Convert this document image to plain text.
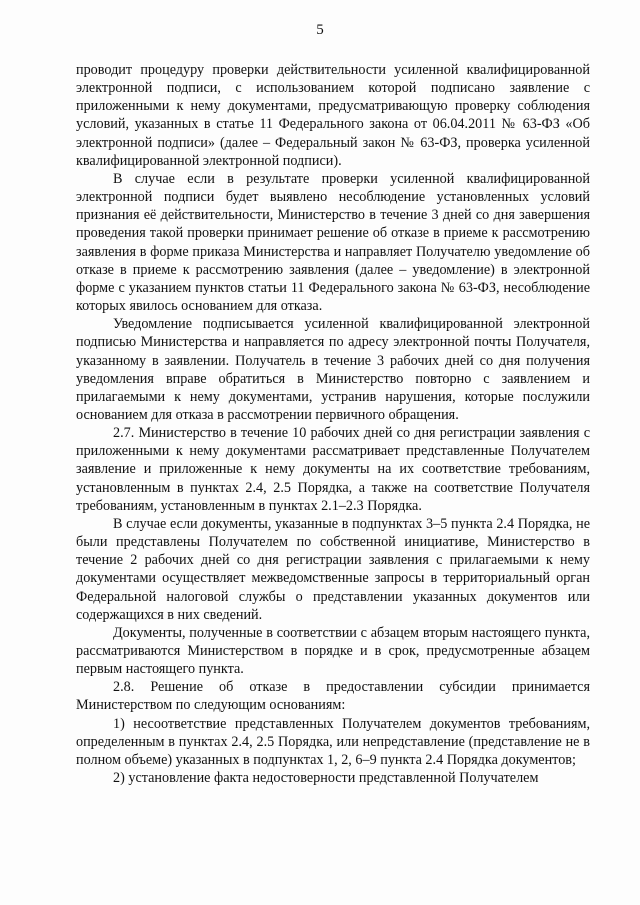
5

проводит процедуру проверки действительности усиленной квалифицированной электронной подписи, с использованием которой подписано заявление с приложенными к нему документами, предусматривающую проверку соблюдения условий, указанных в статье 11 Федерального закона от 06.04.2011 № 63-ФЗ «Об электронной подписи» (далее – Федеральный закон № 63-ФЗ, проверка усиленной квалифицированной электронной подписи).

В случае если в результате проверки усиленной квалифицированной электронной подписи будет выявлено несоблюдение установленных условий признания её действительности, Министерство в течение 3 дней со дня завершения проведения такой проверки принимает решение об отказе в приеме к рассмотрению заявления в форме приказа Министерства и направляет Получателю уведомление об отказе в приеме к рассмотрению заявления (далее – уведомление) в электронной форме с указанием пунктов статьи 11 Федерального закона № 63-ФЗ, несоблюдение которых явилось основанием для отказа.

Уведомление подписывается усиленной квалифицированной электронной подписью Министерства и направляется по адресу электронной почты Получателя, указанному в заявлении. Получатель в течение 3 рабочих дней со дня получения уведомления вправе обратиться в Министерство повторно с заявлением и прилагаемыми к нему документами, устранив нарушения, которые послужили основанием для отказа в рассмотрении первичного обращения.

2.7. Министерство в течение 10 рабочих дней со дня регистрации заявления с приложенными к нему документами рассматривает представленные Получателем заявление и приложенные к нему документы на их соответствие требованиям, установленным в пунктах 2.4, 2.5 Порядка, а также на соответствие Получателя требованиям, установленным в пунктах 2.1–2.3 Порядка.

В случае если документы, указанные в подпунктах 3–5 пункта 2.4 Порядка, не были представлены Получателем по собственной инициативе, Министерство в течение 2 рабочих дней со дня регистрации заявления с прилагаемыми к нему документами осуществляет межведомственные запросы в территориальный орган Федеральной налоговой службы о представлении указанных документов или содержащихся в них сведений.

Документы, полученные в соответствии с абзацем вторым настоящего пункта, рассматриваются Министерством в порядке и в срок, предусмотренные абзацем первым настоящего пункта.

2.8. Решение об отказе в предоставлении субсидии принимается Министерством по следующим основаниям:

1) несоответствие представленных Получателем документов требованиям, определенным в пунктах 2.4, 2.5 Порядка, или непредставление (представление не в полном объеме) указанных в подпунктах 1, 2, 6–9 пункта 2.4 Порядка документов;

2) установление факта недостоверности представленной Получателем
